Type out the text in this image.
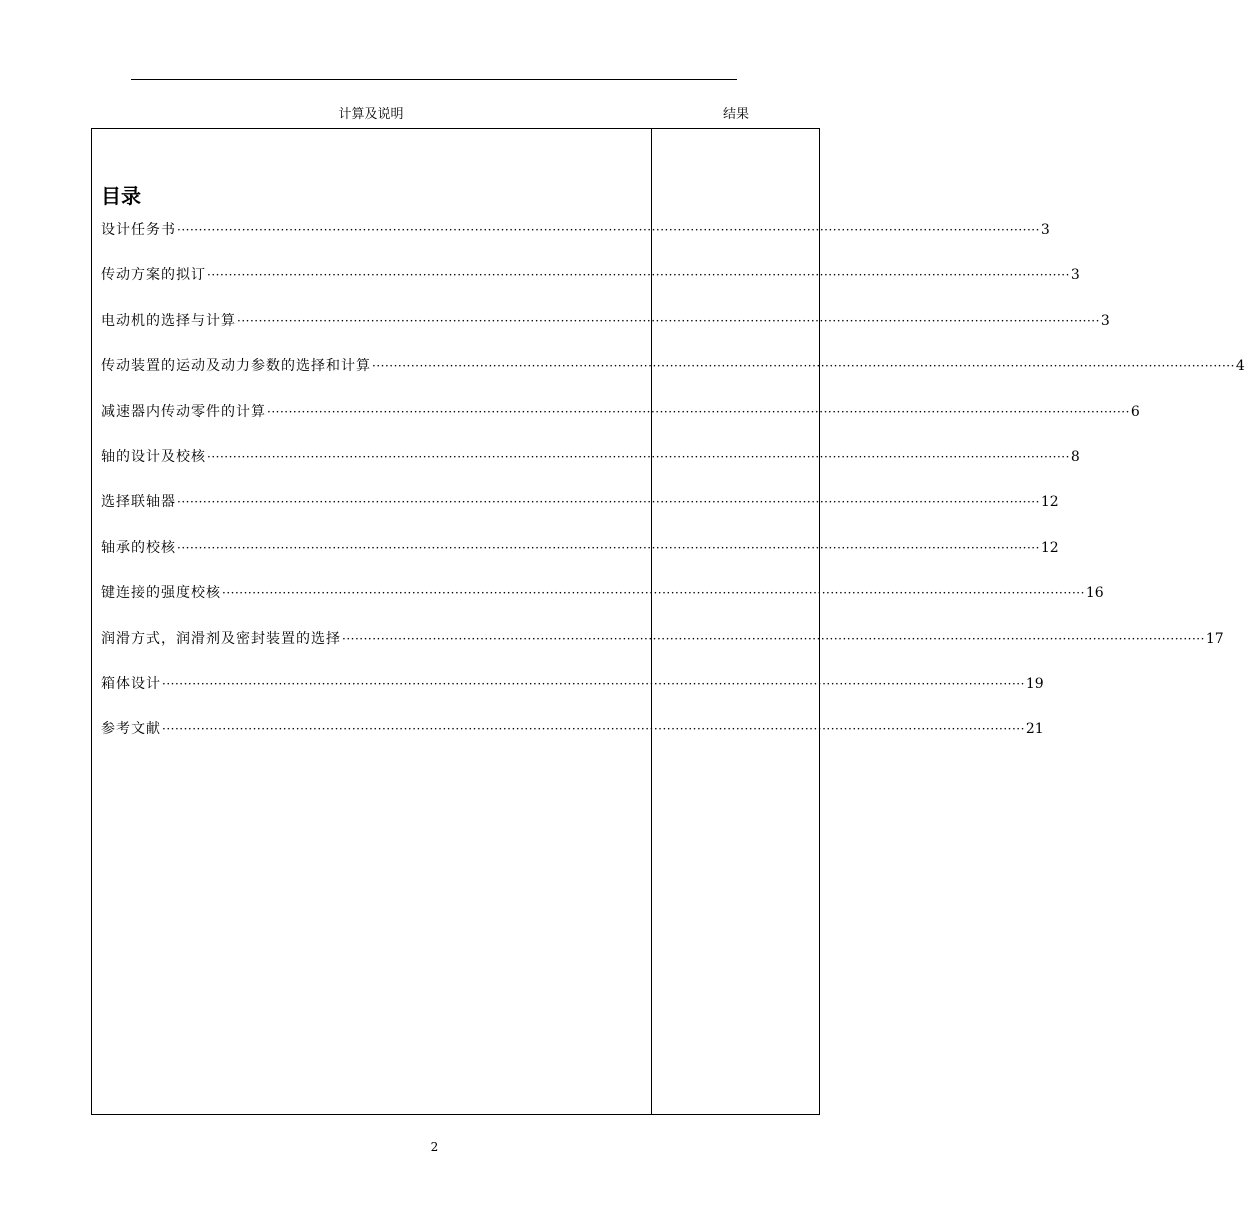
计算及说明	结果
目录
设计任务书 ········································································································································································································ 3
传动方案的拟订 ········································································································································································································ 3
电动机的选择与计算 ········································································································································································································ 3
传动装置的运动及动力参数的选择和计算 ········································································································································································································ 4
减速器内传动零件的计算 ········································································································································································································ 6
轴的设计及校核 ········································································································································································································ 8
选择联轴器 ········································································································································································································ 12
轴承的校核 ········································································································································································································ 12
键连接的强度校核 ········································································································································································································ 16
润滑方式，润滑剂及密封装置的选择 ········································································································································································································ 17
箱体设计 ········································································································································································································ 19
参考文献 ········································································································································································································ 21
2
